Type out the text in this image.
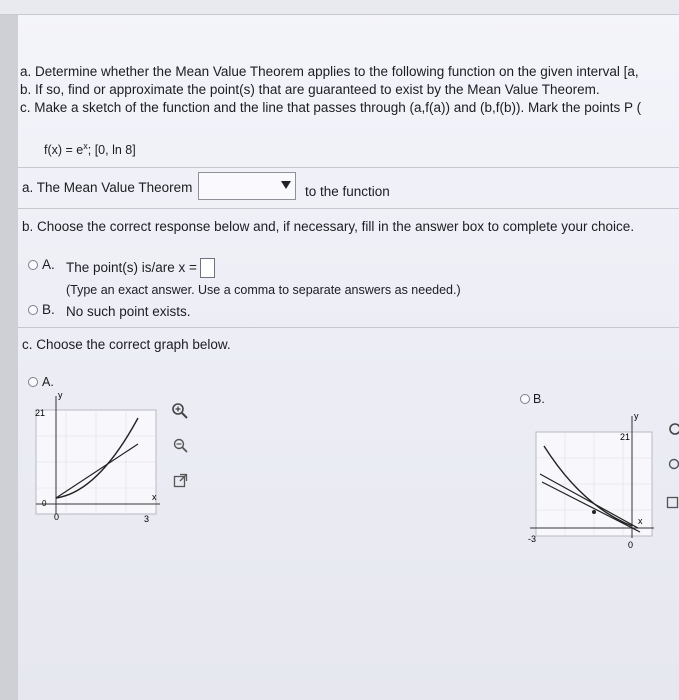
a. Determine whether the Mean Value Theorem applies to the following function on the given interval [a,
b. If so, find or approximate the point(s) that are guaranteed to exist by the Mean Value Theorem.
c. Make a sketch of the function and the line that passes through (a,f(a)) and (b,f(b)). Mark the points P (
$f(x) = e^x$; [0, ln 8]
a. The Mean Value Theorem	to the function
b. Choose the correct response below and, if necessary, fill in the answer box to complete your choice.
A. The point(s) is/are x =
(Type an exact answer. Use a comma to separate answers as needed.)
B. No such point exists.
c. Choose the correct graph below.
A.
y
21
0
x
0	3
B.
y
21
x
-3
0
